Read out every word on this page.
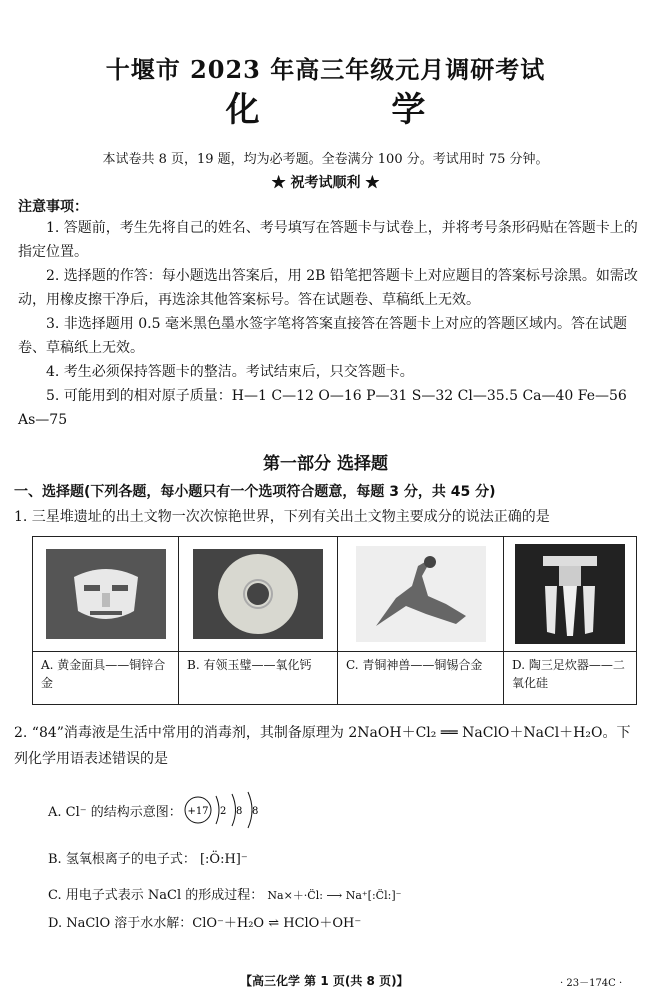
十堰市 2023 年高三年级元月调研考试
化 学
本试卷共 8 页，19 题，均为必考题。全卷满分 100 分。考试用时 75 分钟。
★ 祝考试顺利 ★
注意事项：

1. 答题前，考生先将自己的姓名、考号填写在答题卡与试卷上，并将考号条形码贴在答题卡上的指定位置。

2. 选择题的作答：每小题选出答案后，用 2B 铅笔把答题卡上对应题目的答案标号涂黑。如需改动，用橡皮擦干净后，再选涂其他答案标号。答在试题卷、草稿纸上无效。

3. 非选择题用 0.5 毫米黑色墨水签字笔将答案直接答在答题卡上对应的答题区域内。答在试题卷、草稿纸上无效。

4. 考生必须保持答题卡的整洁。考试结束后，只交答题卡。

5. 可能用到的相对原子质量：H—1 C—12 O—16 P—31 S—32 Cl—35.5 Ca—40 Fe—56 As—75

第一部分 选择题
一、选择题(下列各题，每小题只有一个选项符合题意，每题 3 分，共 45 分)
1. 三星堆遗址的出土文物一次次惊艳世界，下列有关出土文物主要成分的说法正确的是

A. 黄金面具——铜锌合金	B. 有领玉璧——氧化钙	C. 青铜神兽——铜锡合金	D. 陶三足炊器——二氧化硅
2. “84”消毒液是生活中常用的消毒剂，其制备原理为 2NaOH＋Cl₂ ══ NaClO＋NaCl＋H₂O。下列化学用语表述错误的是
A. Cl⁻ 的结构示意图： +17 2 8 8
B. 氢氧根离子的电子式： [:Ö:H]⁻
C. 用电子式表示 NaCl 的形成过程： Na×＋·C̈l: ⟶ Na⁺[:C̈l:]⁻
D. NaClO 溶于水水解：ClO⁻＋H₂O ⇌ HClO＋OH⁻
【高三化学 第 1 页(共 8 页)】	· 23－174C ·
